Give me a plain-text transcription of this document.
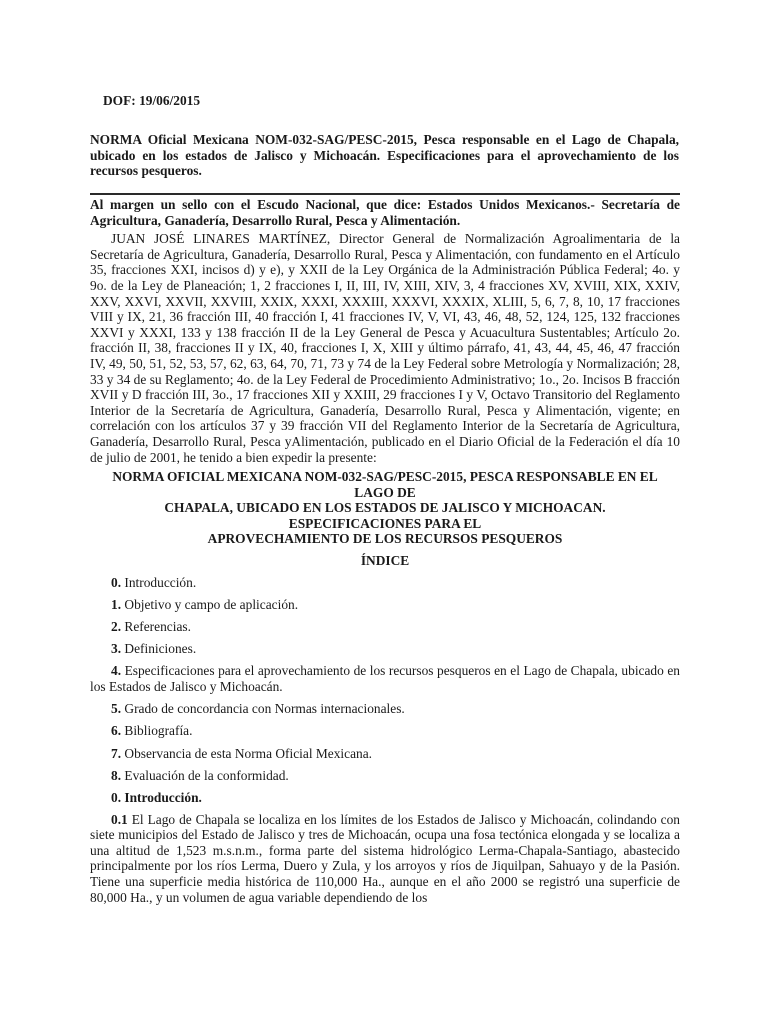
DOF: 19/06/2015
NORMA Oficial Mexicana NOM-032-SAG/PESC-2015, Pesca responsable en el Lago de Chapala, ubicado en los estados de Jalisco y Michoacán. Especificaciones para el aprovechamiento de los recursos pesqueros.

Al margen un sello con el Escudo Nacional, que dice: Estados Unidos Mexicanos.- Secretaría de Agricultura, Ganadería, Desarrollo Rural, Pesca y Alimentación.

JUAN JOSÉ LINARES MARTÍNEZ, Director General de Normalización Agroalimentaria de la Secretaría de Agricultura, Ganadería, Desarrollo Rural, Pesca y Alimentación, con fundamento en el Artículo 35, fracciones XXI, incisos d) y e), y XXII de la Ley Orgánica de la Administración Pública Federal; 4o. y 9o. de la Ley de Planeación; 1, 2 fracciones I, II, III, IV, XIII, XIV, 3, 4 fracciones XV, XVIII, XIX, XXIV, XXV, XXVI, XXVII, XXVIII, XXIX, XXXI, XXXIII, XXXVI, XXXIX, XLIII, 5, 6, 7, 8, 10, 17 fracciones VIII y IX, 21, 36 fracción III, 40 fracción I, 41 fracciones IV, V, VI, 43, 46, 48, 52, 124, 125, 132 fracciones XXVI y XXXI, 133 y 138 fracción II de la Ley General de Pesca y Acuacultura Sustentables; Artículo 2o. fracción II, 38, fracciones II y IX, 40, fracciones I, X, XIII y último párrafo, 41, 43, 44, 45, 46, 47 fracción IV, 49, 50, 51, 52, 53, 57, 62, 63, 64, 70, 71, 73 y 74 de la Ley Federal sobre Metrología y Normalización; 28, 33 y 34 de su Reglamento; 4o. de la Ley Federal de Procedimiento Administrativo; 1o., 2o. Incisos B fracción XVII y D fracción III, 3o., 17 fracciones XII y XXIII, 29 fracciones I y V, Octavo Transitorio del Reglamento Interior de la Secretaría de Agricultura, Ganadería, Desarrollo Rural, Pesca y Alimentación, vigente; en correlación con los artículos 37 y 39 fracción VII del Reglamento Interior de la Secretaría de Agricultura, Ganadería, Desarrollo Rural, Pesca yAlimentación, publicado en el Diario Oficial de la Federación el día 10 de julio de 2001, he tenido a bien expedir la presente:

NORMA OFICIAL MEXICANA NOM-032-SAG/PESC-2015, PESCA RESPONSABLE EN EL
LAGO DE
CHAPALA, UBICADO EN LOS ESTADOS DE JALISCO Y MICHOACAN.
ESPECIFICACIONES PARA EL
APROVECHAMIENTO DE LOS RECURSOS PESQUEROS
ÍNDICE

0. Introducción.

1. Objetivo y campo de aplicación.

2. Referencias.

3. Definiciones.

4. Especificaciones para el aprovechamiento de los recursos pesqueros en el Lago de Chapala, ubicado en los Estados de Jalisco y Michoacán.

5. Grado de concordancia con Normas internacionales.

6. Bibliografía.

7. Observancia de esta Norma Oficial Mexicana.

8. Evaluación de la conformidad.

0. Introducción.

0.1 El Lago de Chapala se localiza en los límites de los Estados de Jalisco y Michoacán, colindando con siete municipios del Estado de Jalisco y tres de Michoacán, ocupa una fosa tectónica elongada y se localiza a una altitud de 1,523 m.s.n.m., forma parte del sistema hidrológico Lerma-Chapala-Santiago, abastecido principalmente por los ríos Lerma, Duero y Zula, y los arroyos y ríos de Jiquilpan, Sahuayo y de la Pasión. Tiene una superficie media histórica de 110,000 Ha., aunque en el año 2000 se registró una superficie de 80,000 Ha., y un volumen de agua variable dependiendo de los
